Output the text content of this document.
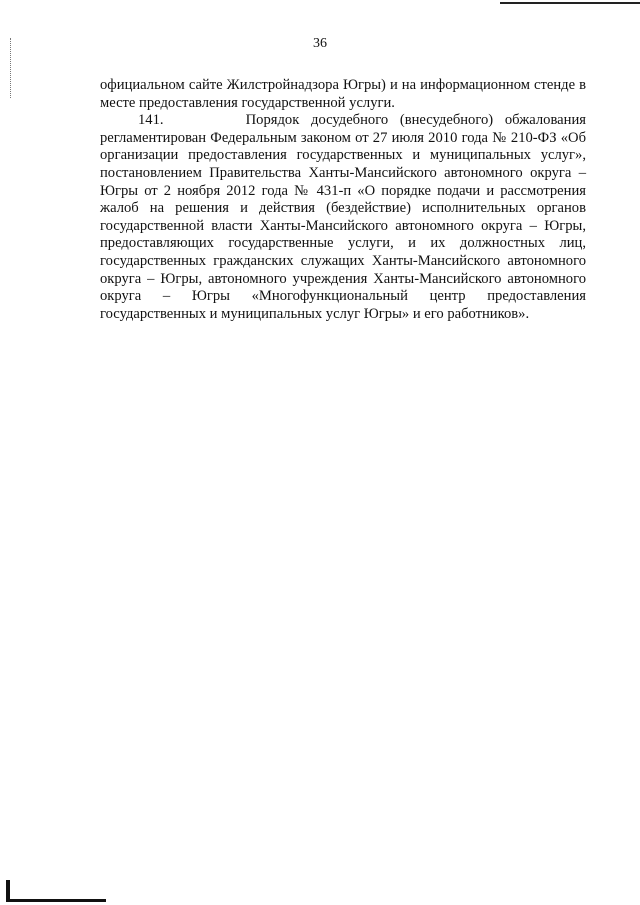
36

официальном сайте Жилстройнадзора Югры) и на информационном стенде в месте предоставления государственной услуги.

141.	Порядок досудебного (внесудебного) обжалования регламентирован Федеральным законом от 27 июля 2010 года № 210-ФЗ «Об организации предоставления государственных и муниципальных услуг», постановлением Правительства Ханты-Мансийского автономного округа – Югры от 2 ноября 2012 года № 431-п «О порядке подачи и рассмотрения жалоб на решения и действия (бездействие) исполнительных органов государственной власти Ханты-Мансийского автономного округа – Югры, предоставляющих государственные услуги, и их должностных лиц, государственных гражданских служащих Ханты-Мансийского автономного округа – Югры, автономного учреждения Ханты-Мансийского автономного округа – Югры «Многофункциональный центр предоставления государственных и муниципальных услуг Югры» и его работников».
